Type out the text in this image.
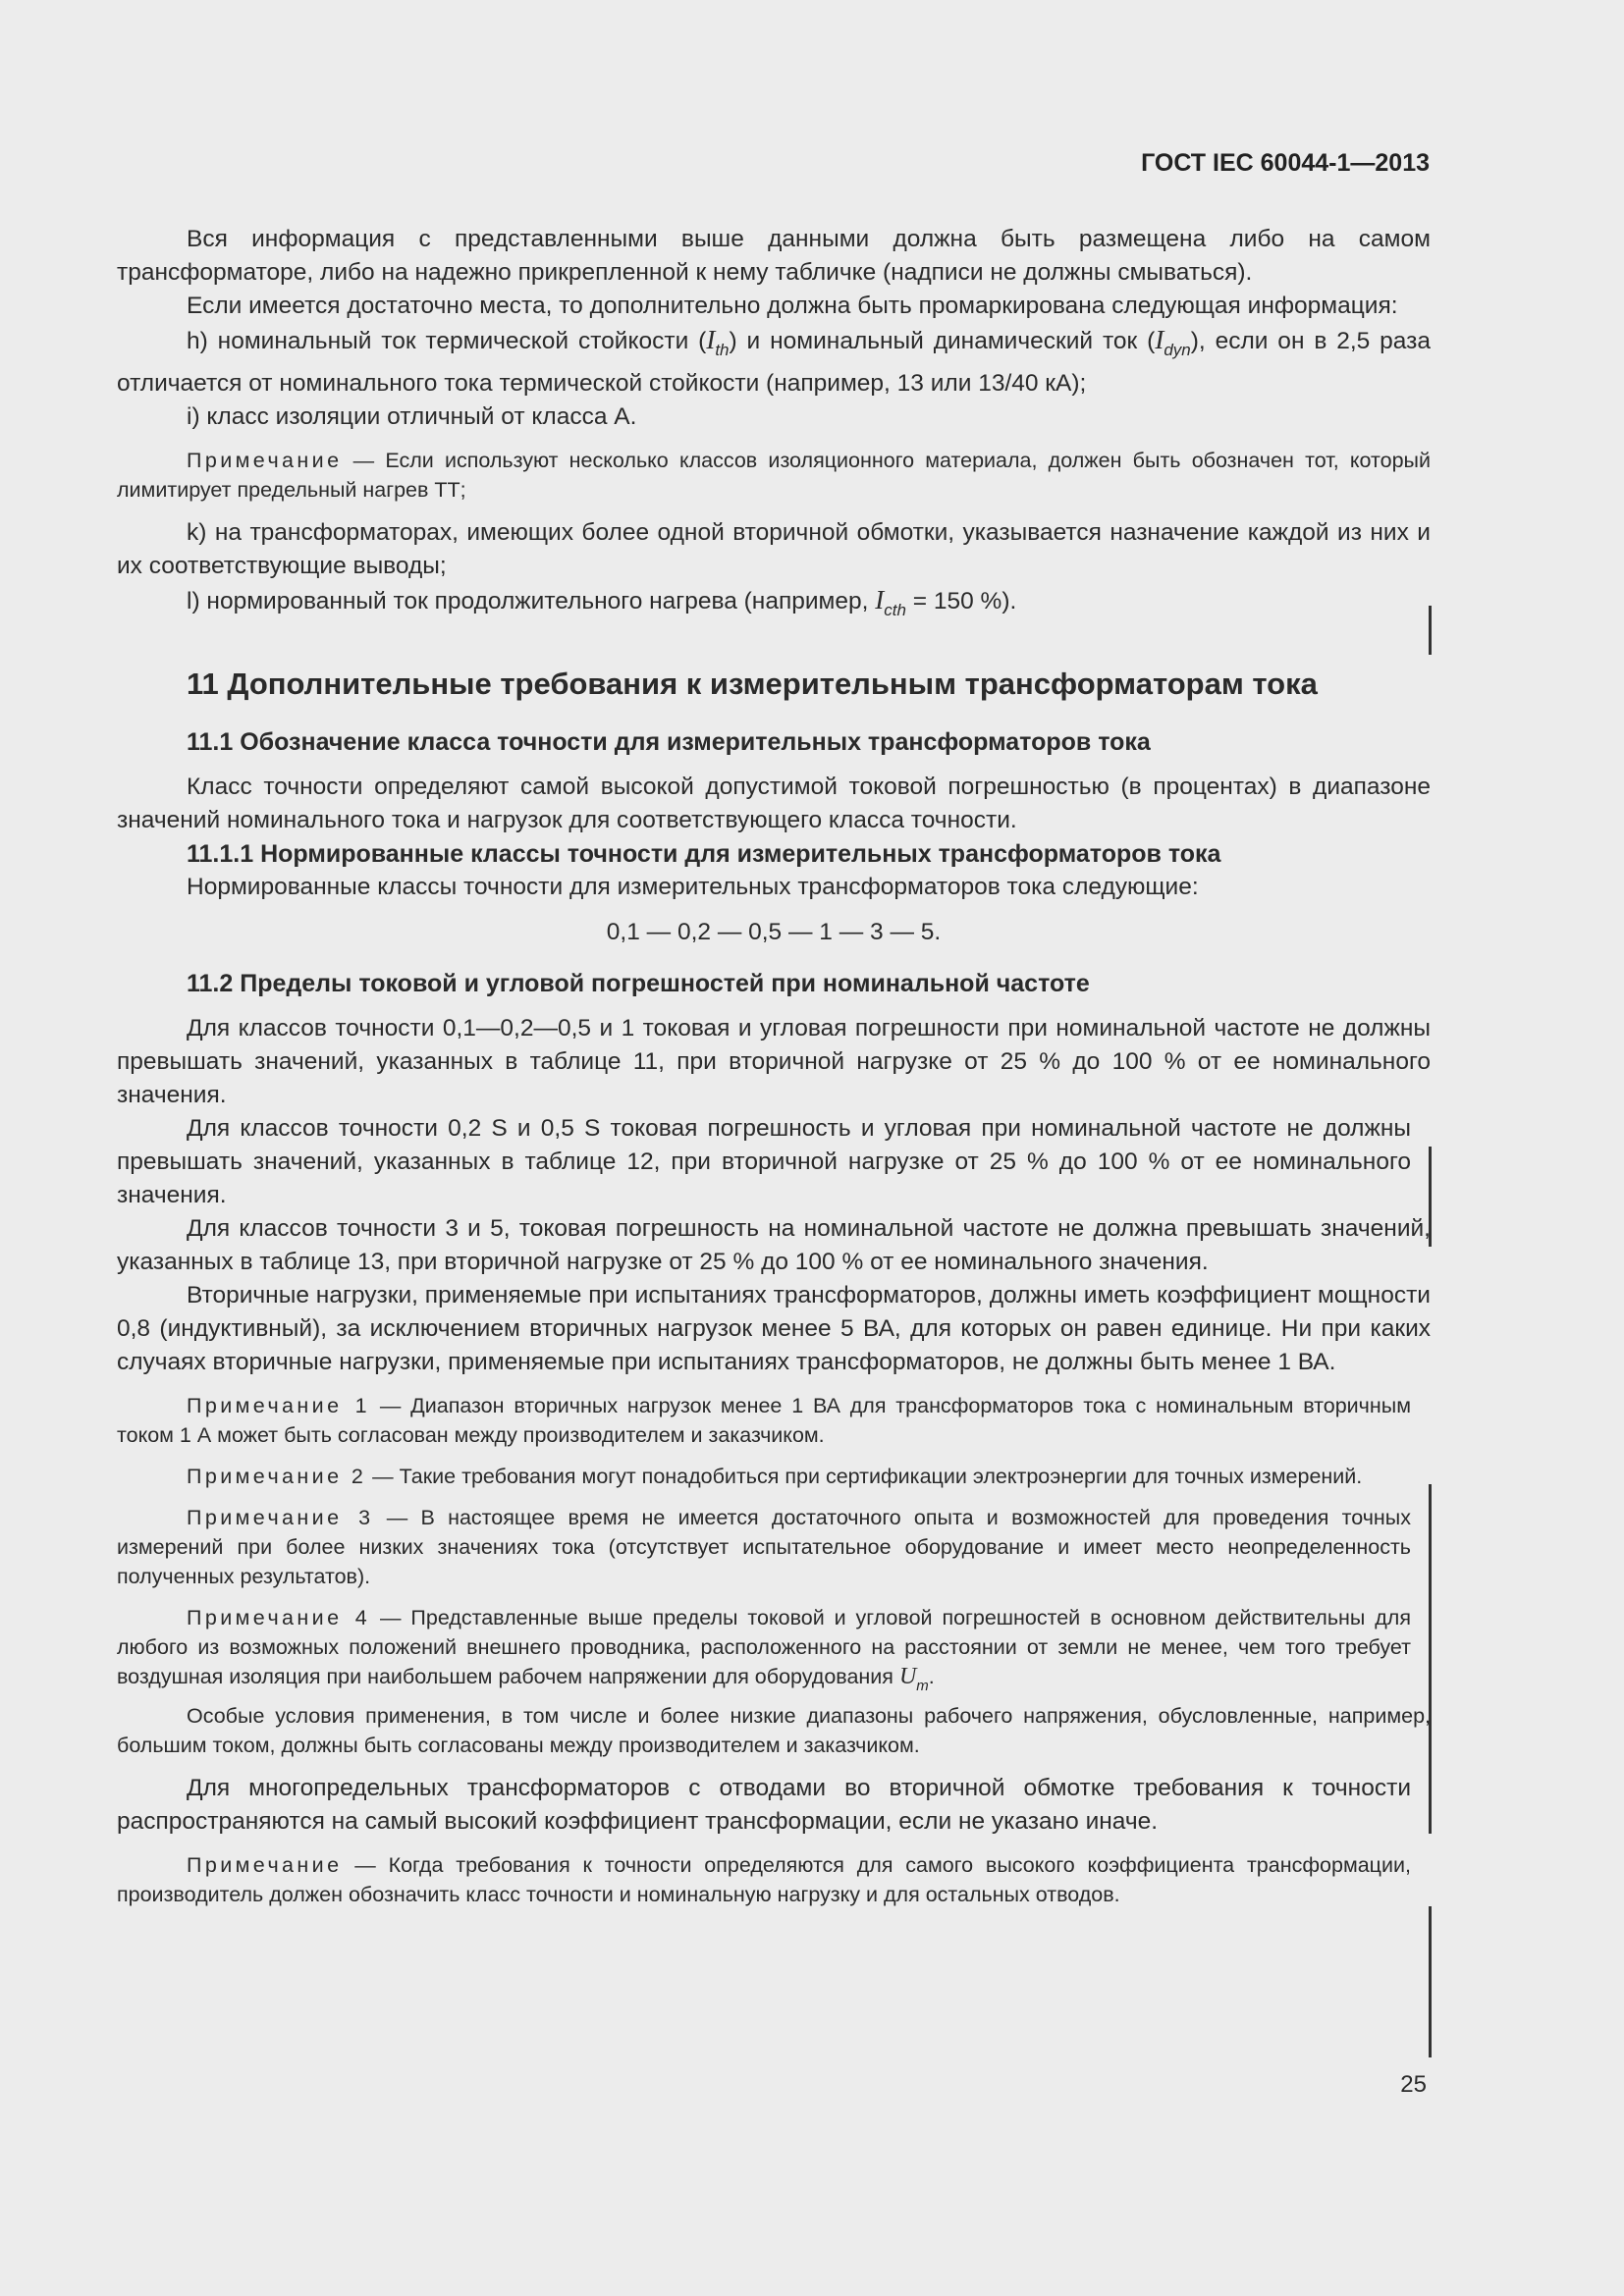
ГОСТ IEC 60044-1—2013

Вся информация с представленными выше данными должна быть размещена либо на самом трансформаторе, либо на надежно прикрепленной к нему табличке (надписи не должны смываться).

Если имеется достаточно места, то дополнительно должна быть промаркирована следующая информация:

h) номинальный ток термической стойкости $(I_{th})$ и номинальный динамический ток $(I_{dyn})$, если он в 2,5 раза отличается от номинального тока термической стойкости (например, 13 или 13/40 кА);

i) класс изоляции отличный от класса А.

Примечание — Если используют несколько классов изоляционного материала, должен быть обозначен тот, который лимитирует предельный нагрев ТТ;

k) на трансформаторах, имеющих более одной вторичной обмотки, указывается назначение каждой из них и их соответствующие выводы;

l) нормированный ток продолжительного нагрева (например, $I_{cth} = 150$ %).

11 Дополнительные требования к измерительным трансформаторам тока
11.1 Обозначение класса точности для измерительных трансформаторов тока

Класс точности определяют самой высокой допустимой токовой погрешностью (в процентах) в диапазоне значений номинального тока и нагрузок для соответствующего класса точности.

11.1.1 Нормированные классы точности для измерительных трансформаторов тока

Нормированные классы точности для измерительных трансформаторов тока следующие:

0,1 — 0,2 — 0,5 — 1 — 3 — 5.

11.2 Пределы токовой и угловой погрешностей при номинальной частоте

Для классов точности 0,1—0,2—0,5 и 1 токовая и угловая погрешности при номинальной частоте не должны превышать значений, указанных в таблице 11, при вторичной нагрузке от 25 % до 100 % от ее номинального значения.

Для классов точности 0,2 S и 0,5 S токовая погрешность и угловая при номинальной частоте не должны превышать значений, указанных в таблице 12, при вторичной нагрузке от 25 % до 100 % от ее номинального значения.

Для классов точности 3 и 5, токовая погрешность на номинальной частоте не должна превышать значений, указанных в таблице 13, при вторичной нагрузке от 25 % до 100 % от ее номинального значения.

Вторичные нагрузки, применяемые при испытаниях трансформаторов, должны иметь коэффициент мощности 0,8 (индуктивный), за исключением вторичных нагрузок менее 5 ВА, для которых он равен единице. Ни при каких случаях вторичные нагрузки, применяемые при испытаниях трансформаторов, не должны быть менее 1 ВА.

Примечание 1 — Диапазон вторичных нагрузок менее 1 ВА для трансформаторов тока с номинальным вторичным током 1 А может быть согласован между производителем и заказчиком.

Примечание 2 — Такие требования могут понадобиться при сертификации электроэнергии для точных измерений.

Примечание 3 — В настоящее время не имеется достаточного опыта и возможностей для проведения точных измерений при более низких значениях тока (отсутствует испытательное оборудование и имеет место неопределенность полученных результатов).

Примечание 4 — Представленные выше пределы токовой и угловой погрешностей в основном действительны для любого из возможных положений внешнего проводника, расположенного на расстоянии от земли не менее, чем того требует воздушная изоляция при наибольшем рабочем напряжении для оборудования $U_m$.

Особые условия применения, в том числе и более низкие диапазоны рабочего напряжения, обусловленные, например, большим током, должны быть согласованы между производителем и заказчиком.

Для многопредельных трансформаторов с отводами во вторичной обмотке требования к точности распространяются на самый высокий коэффициент трансформации, если не указано иначе.

Примечание — Когда требования к точности определяются для самого высокого коэффициента трансформации, производитель должен обозначить класс точности и номинальную нагрузку и для остальных отводов.

25
